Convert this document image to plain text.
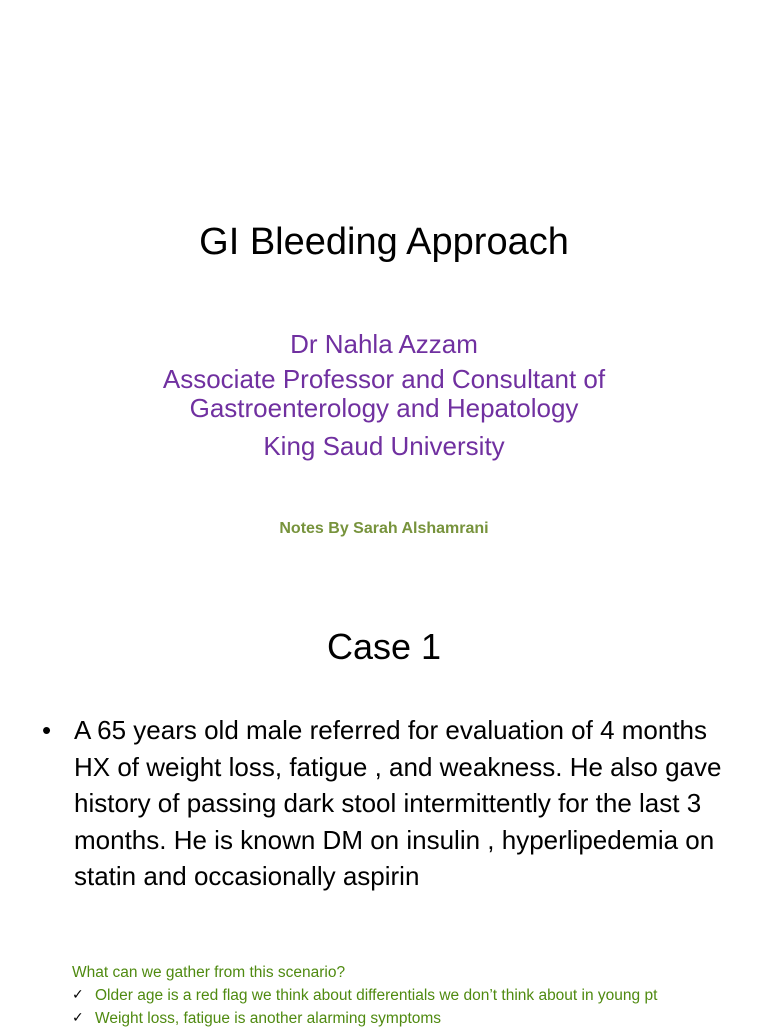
GI Bleeding Approach
Dr Nahla Azzam
Associate Professor and Consultant of
Gastroenterology and Hepatology
King Saud University
Notes By Sarah Alshamrani
Case 1
• A 65 years old male referred for evaluation of 4 months HX of weight loss, fatigue , and weakness. He also gave history of passing dark stool intermittently for the last 3 months. He is known DM on insulin , hyperlipedemia on statin and occasionally aspirin
What can we gather from this scenario?
✓ Older age is a red flag we think about differentials we don’t think about in young pt
✓ Weight loss, fatigue is another alarming symptoms
